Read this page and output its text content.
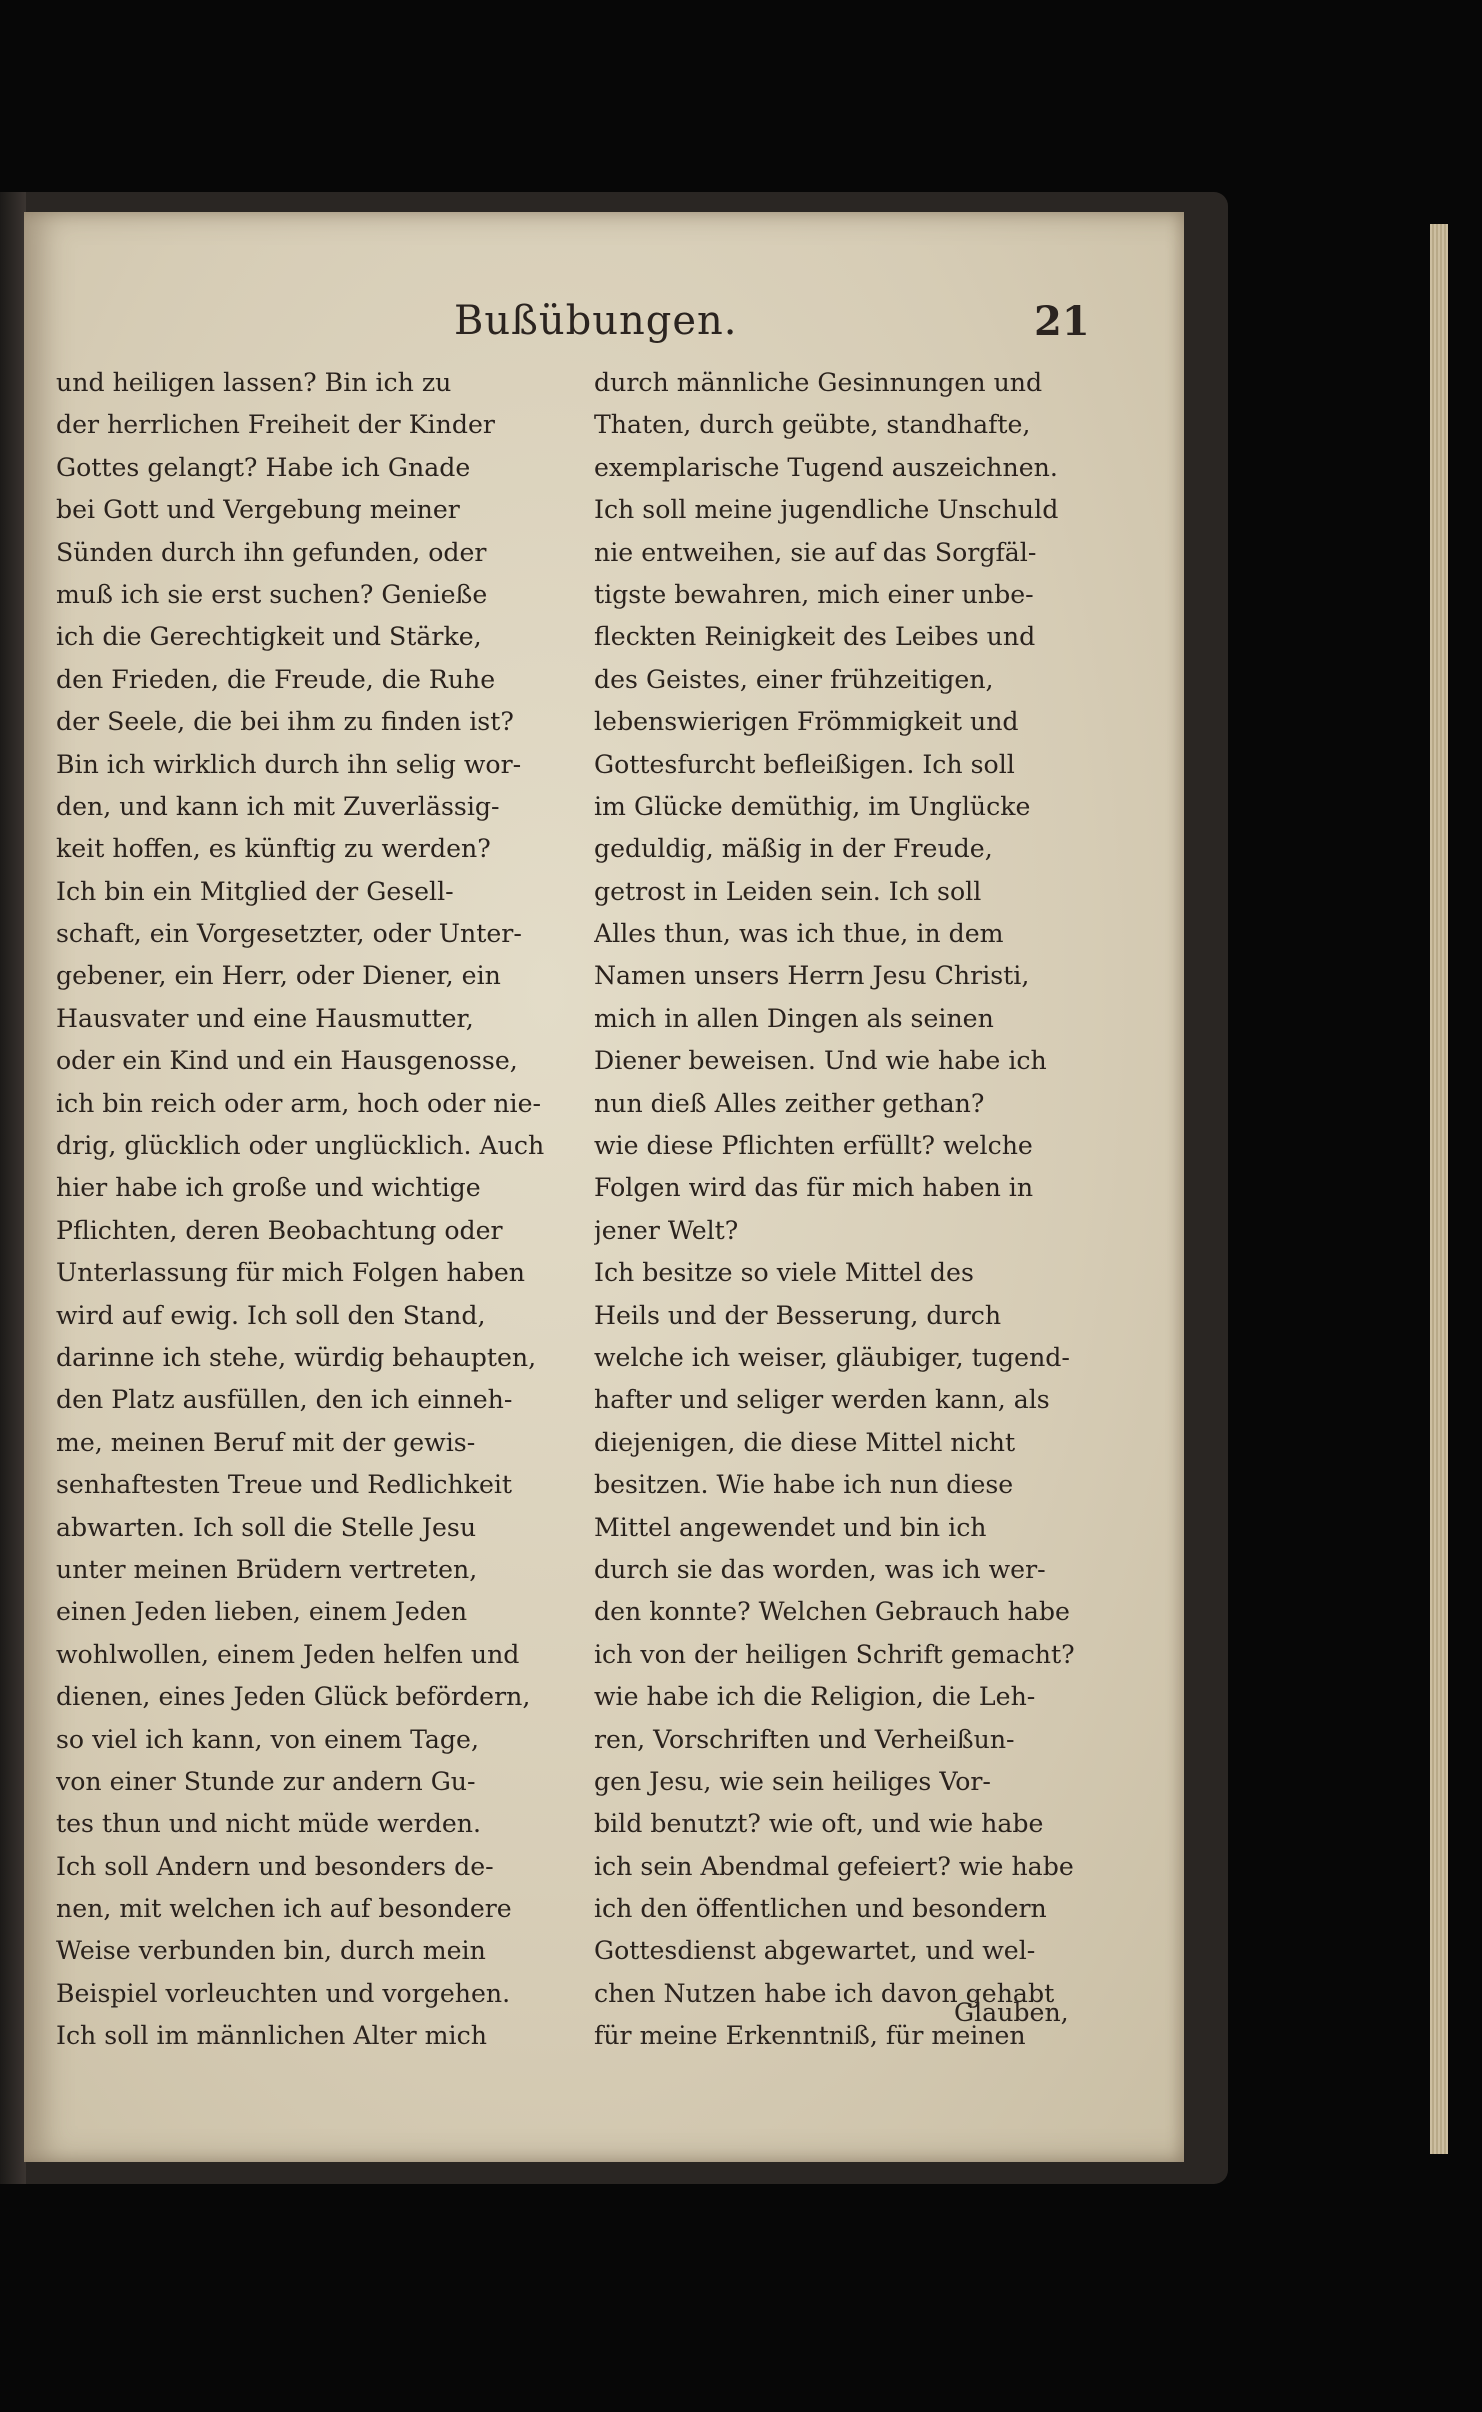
Bußübungen.	21
und heiligen lassen? Bin ich zu
der herrlichen Freiheit der Kinder
Gottes gelangt? Habe ich Gnade
bei Gott und Vergebung meiner
Sünden durch ihn gefunden, oder
muß ich sie erst suchen? Genieße
ich die Gerechtigkeit und Stärke,
den Frieden, die Freude, die Ruhe
der Seele, die bei ihm zu finden ist?
Bin ich wirklich durch ihn selig wor-
den, und kann ich mit Zuverlässig-
keit hoffen, es künftig zu werden?
Ich bin ein Mitglied der Gesell-
schaft, ein Vorgesetzter, oder Unter-
gebener, ein Herr, oder Diener, ein
Hausvater und eine Hausmutter,
oder ein Kind und ein Hausgenosse,
ich bin reich oder arm, hoch oder nie-
drig, glücklich oder unglücklich. Auch
hier habe ich große und wichtige
Pflichten, deren Beobachtung oder
Unterlassung für mich Folgen haben
wird auf ewig. Ich soll den Stand,
darinne ich stehe, würdig behaupten,
den Platz ausfüllen, den ich einneh-
me, meinen Beruf mit der gewis-
senhaftesten Treue und Redlichkeit
abwarten. Ich soll die Stelle Jesu
unter meinen Brüdern vertreten,
einen Jeden lieben, einem Jeden
wohlwollen, einem Jeden helfen und
dienen, eines Jeden Glück befördern,
so viel ich kann, von einem Tage,
von einer Stunde zur andern Gu-
tes thun und nicht müde werden.
Ich soll Andern und besonders de-
nen, mit welchen ich auf besondere
Weise verbunden bin, durch mein
Beispiel vorleuchten und vorgehen.
Ich soll im männlichen Alter mich
durch männliche Gesinnungen und
Thaten, durch geübte, standhafte,
exemplarische Tugend auszeichnen.
Ich soll meine jugendliche Unschuld
nie entweihen, sie auf das Sorgfäl-
tigste bewahren, mich einer unbe-
fleckten Reinigkeit des Leibes und
des Geistes, einer frühzeitigen,
lebenswierigen Frömmigkeit und
Gottesfurcht befleißigen. Ich soll
im Glücke demüthig, im Unglücke
geduldig, mäßig in der Freude,
getrost in Leiden sein. Ich soll
Alles thun, was ich thue, in dem
Namen unsers Herrn Jesu Christi,
mich in allen Dingen als seinen
Diener beweisen. Und wie habe ich
nun dieß Alles zeither gethan?
wie diese Pflichten erfüllt? welche
Folgen wird das für mich haben in
jener Welt?
Ich besitze so viele Mittel des
Heils und der Besserung, durch
welche ich weiser, gläubiger, tugend-
hafter und seliger werden kann, als
diejenigen, die diese Mittel nicht
besitzen. Wie habe ich nun diese
Mittel angewendet und bin ich
durch sie das worden, was ich wer-
den konnte? Welchen Gebrauch habe
ich von der heiligen Schrift gemacht?
wie habe ich die Religion, die Leh-
ren, Vorschriften und Verheißun-
gen Jesu, wie sein heiliges Vor-
bild benutzt? wie oft, und wie habe
ich sein Abendmal gefeiert? wie habe
ich den öffentlichen und besondern
Gottesdienst abgewartet, und wel-
chen Nutzen habe ich davon gehabt
für meine Erkenntniß, für meinen
Glauben,
